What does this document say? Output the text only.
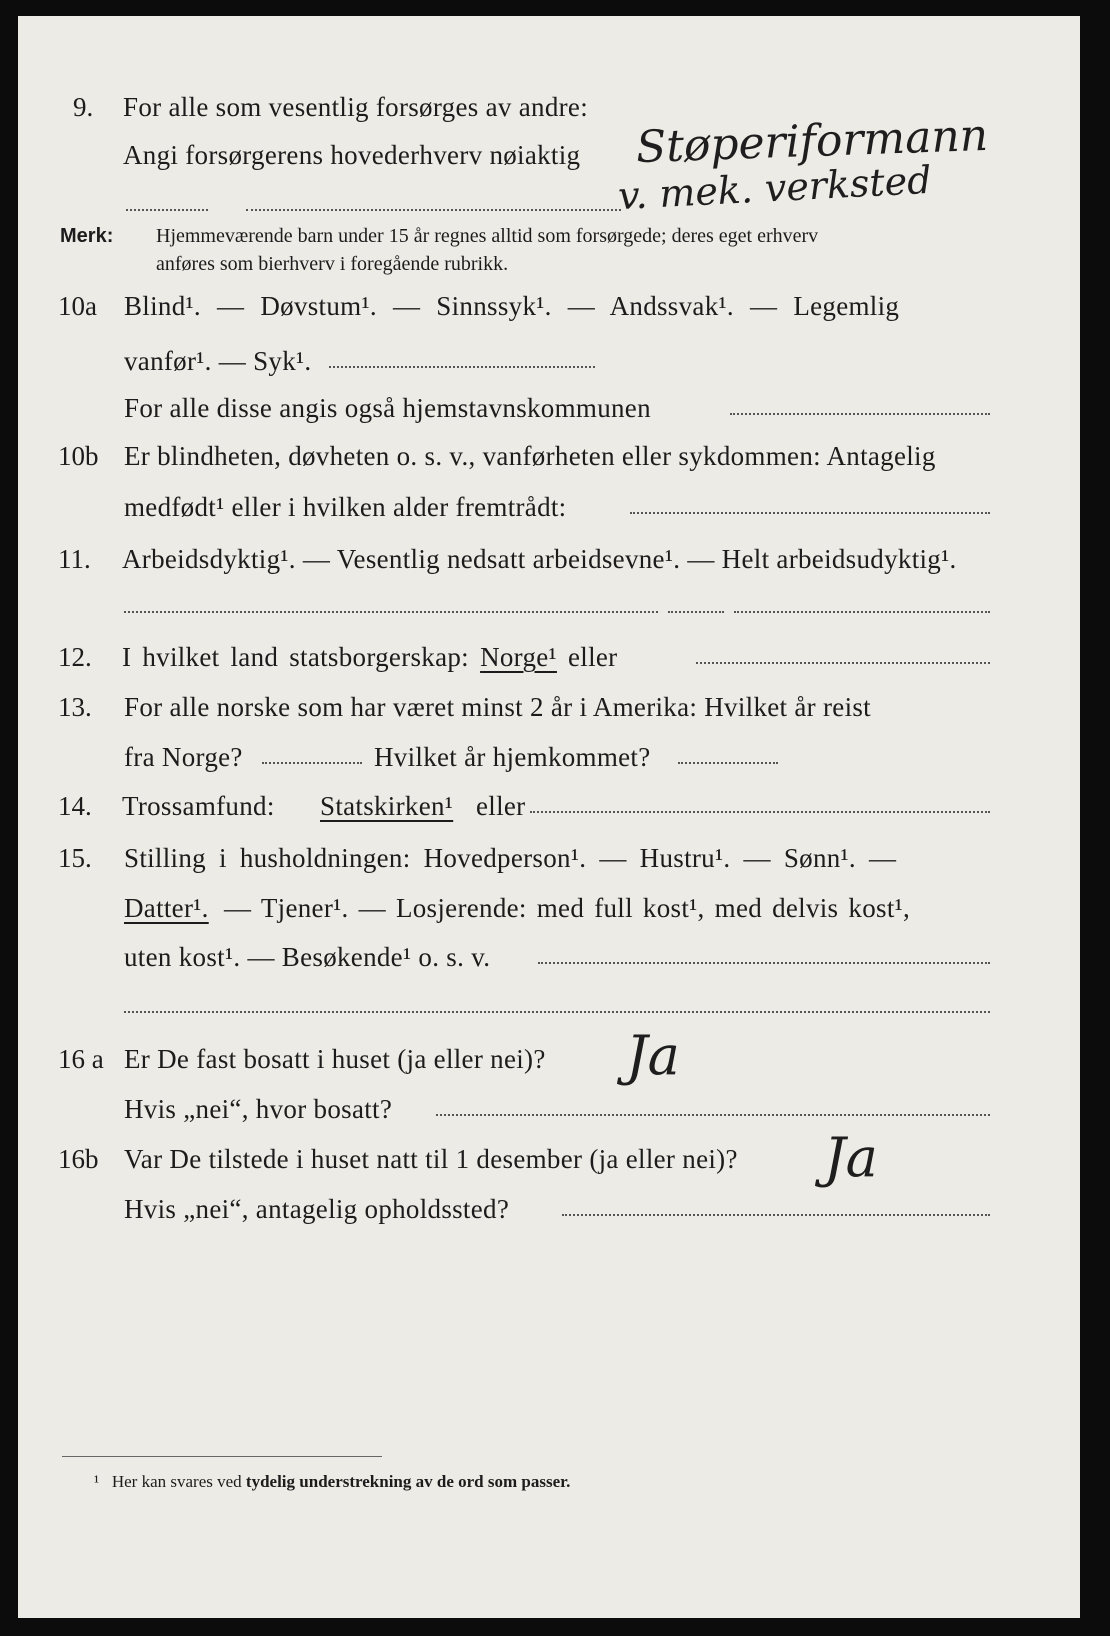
9. For alle som vesentlig forsørges av andre:
Angi forsørgerens hovederhverv nøiaktig Støperiformann
v. mek. verksted
Merk: Hjemmeværende barn under 15 år regnes alltid som forsørgede; deres eget erhverv
anføres som bierhverv i foregående rubrikk.
10a Blind¹. — Døvstum¹. — Sinnssyk¹. — Andssvak¹. — Legemlig
vanfør¹. — Syk¹.
For alle disse angis også hjemstavnskommunen
10b Er blindheten, døvheten o. s. v., vanførheten eller sykdommen: Antagelig
medfødt¹ eller i hvilken alder fremtrådt:
11. Arbeidsdyktig¹. — Vesentlig nedsatt arbeidsevne¹. — Helt arbeidsudyktig¹.
12. I hvilket land statsborgerskap: Norge¹ eller
13. For alle norske som har været minst 2 år i Amerika: Hvilket år reist
fra Norge?	Hvilket år hjemkommet?
14. Trossamfund: Statskirken¹ eller
15. Stilling i husholdningen: Hovedperson¹. — Hustru¹. — Sønn¹. —
Datter¹. — Tjener¹. — Losjerende: med full kost¹, med delvis kost¹,
uten kost¹. — Besøkende¹ o. s. v.
16 a Er De fast bosatt i huset (ja eller nei)? Ja
Hvis „nei“, hvor bosatt?
16b Var De tilstede i huset natt til 1 desember (ja eller nei)? Ja
Hvis „nei“, antagelig opholdssted?
¹ Her kan svares ved tydelig understrekning av de ord som passer.
